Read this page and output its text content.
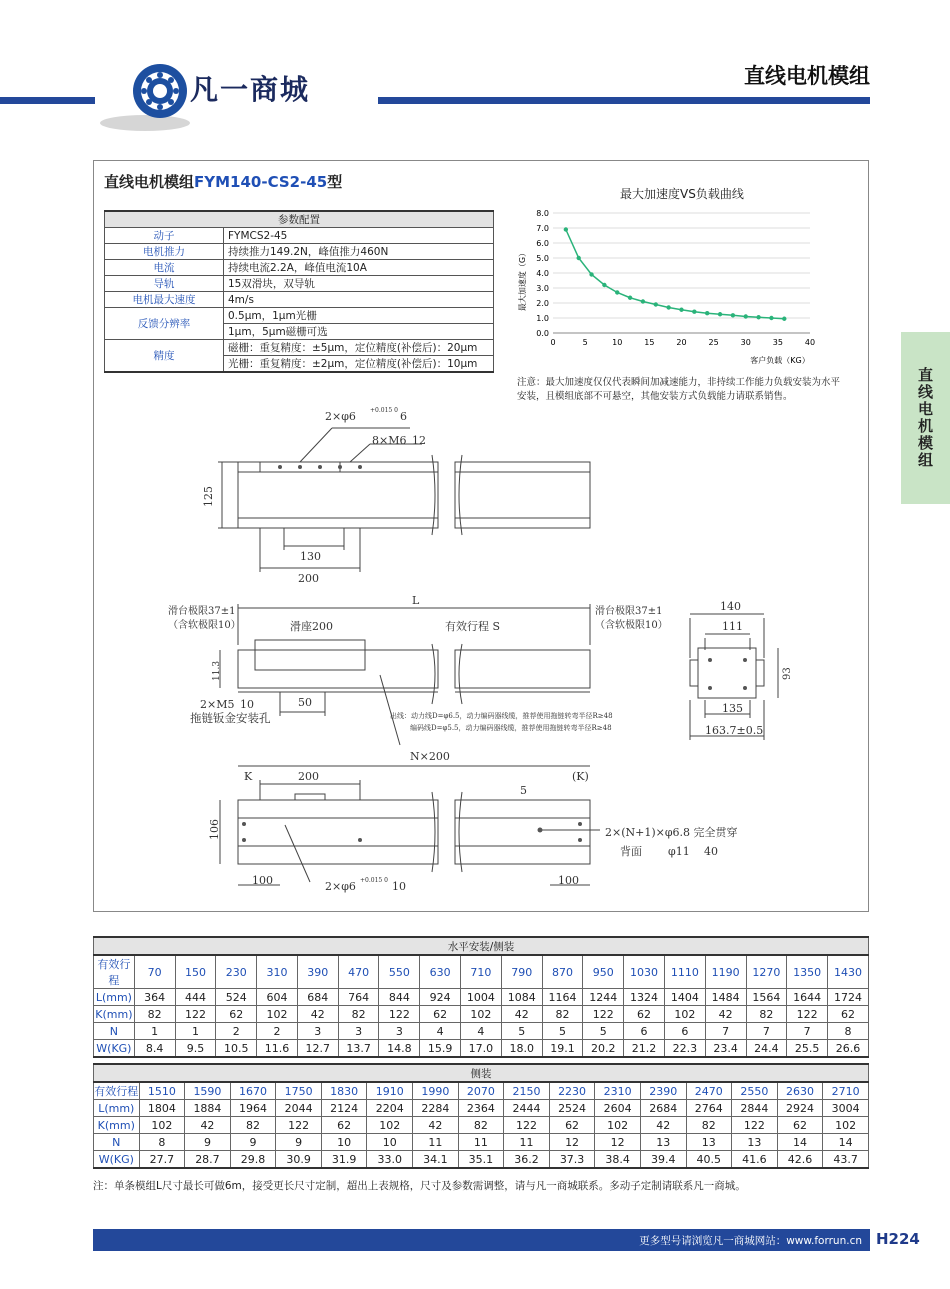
凡一商城	直线电机模组
直线电机模组
直线电机模组FYM140-CS2-45型
参数配置	
动子	FYMCS2-45
电机推力	持续推力149.2N，峰值推力460N
电流	持续电流2.2A，峰值电流10A
导轨	15双滑块，双导轨
电机最大速度	4m/s
反馈分辨率	0.5μm，1μm光栅
	1μm，5μm磁栅可选
精度	磁栅：重复精度：±5μm，定位精度(补偿后)：20μm
	光栅：重复精度：±2μm，定位精度(补偿后)：10μm
最大加速度VS负载曲线
0.0
1.0
2.0
3.0
4.0
5.0
6.0
7.0
8.0
0	5	10	15	20	25	30	35	40
最大加速度（G）
客户负载（KG）
注意：最大加速度仅仅代表瞬间加减速能力，非持续工作能力负载安装为水平安装，且模组底部不可悬空，其他安装方式负载能力请联系销售。
2×φ6 +0.015 0 6
8×M6 12
125
130
200
L
滑台极限37±1
（含软极限10）	滑座200	有效行程 S
滑台极限37±1
（含软极限10）
11.3
2×M5 10	50
拖链钣金安装孔	出线：动力线D=φ6.5，动力编码器线缆，推荐使用拖链转弯半径R≥48
编码线D=φ5.5，动力编码器线缆，推荐使用拖链转弯半径R≥48
140
111
93
135
163.7±0.5
N×200
K	200	(K)
5
106	2×(N+1)×φ6.8 完全贯穿
背面 φ11 40
100	2×φ6 +0.015 0 10	100
水平安装/侧装																		
有效行程	70	150	230	310	390	470	550	630	710	790	870	950	1030	1110	1190	1270	1350	1430
L(mm)	364	444	524	604	684	764	844	924	1004	1084	1164	1244	1324	1404	1484	1564	1644	1724
K(mm)	82	122	62	102	42	82	122	62	102	42	82	122	62	102	42	82	122	62
N	1	1	2	2	3	3	3	4	4	5	5	5	6	6	7	7	7	8
W(KG)	8.4	9.5	10.5	11.6	12.7	13.7	14.8	15.9	17.0	18.0	19.1	20.2	21.2	22.3	23.4	24.4	25.5	26.6
侧装																
有效行程	1510	1590	1670	1750	1830	1910	1990	2070	2150	2230	2310	2390	2470	2550	2630	2710
L(mm)	1804	1884	1964	2044	2124	2204	2284	2364	2444	2524	2604	2684	2764	2844	2924	3004
K(mm)	102	42	82	122	62	102	42	82	122	62	102	42	82	122	62	102
N	8	9	9	9	10	10	11	11	11	12	12	13	13	13	14	14
W(KG)	27.7	28.7	29.8	30.9	31.9	33.0	34.1	35.1	36.2	37.3	38.4	39.4	40.5	41.6	42.6	43.7
注：单条模组L尺寸最长可做6m，接受更长尺寸定制，超出上表规格，尺寸及参数需调整，请与凡一商城联系。多动子定制请联系凡一商城。
更多型号请浏览凡一商城网站：www.forrun.cn H224
